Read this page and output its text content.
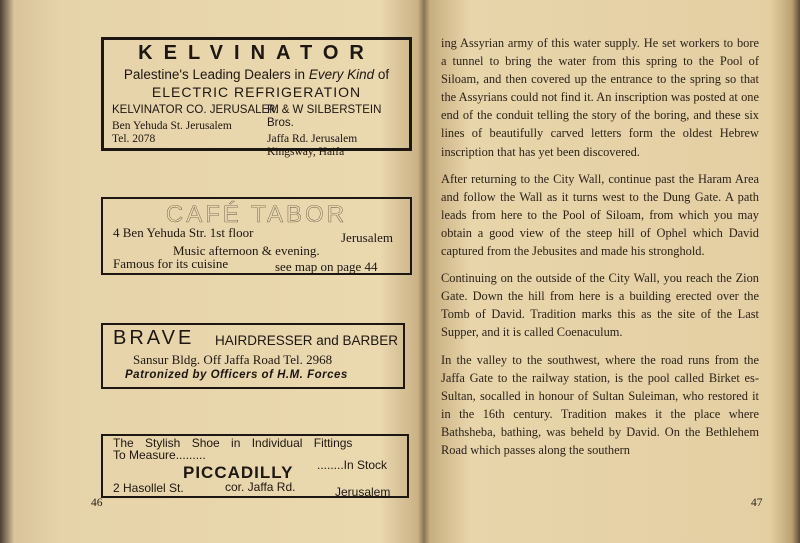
KELVINATOR
Palestine's Leading Dealers in Every Kind of
ELECTRIC REFRIGERATION
KELVINATOR CO. JERUSALEM
Ben Yehuda St. Jerusalem
Tel. 2078
R. & W SILBERSTEIN Bros.
Jaffa Rd. Jerusalem
Kingsway, Haifa
CAFÉ TABOR
4 Ben Yehuda Str. 1st floor	Jerusalem
Music afternoon & evening.
Famous for its cuisine	see map on page 44
BRAVE HAIRDRESSER and BARBER
Sansur Bldg. Off Jaffa Road Tel. 2968
Patronized by Officers of H.M. Forces
The Stylish Shoe in Individual Fittings
To Measure.........
PICCADILLY ........In Stock
2 Hasollel St.	cor. Jaffa Rd.	Jerusalem
46	47

ing Assyrian army of this water supply. He set workers to bore a tunnel to bring the water from this spring to the Pool of Siloam, and then covered up the entrance to the spring so that the Assyrians could not find it. An inscription was posted at one end of the conduit telling the story of the boring, and these six lines of beautifully carved letters form the oldest Hebrew inscription that has yet been discovered.

After returning to the City Wall, continue past the Haram Area and follow the Wall as it turns west to the Dung Gate. A path leads from here to the Pool of Siloam, from which you may obtain a good view of the steep hill of Ophel which David captured from the Jebusites and made his stronghold.

Continuing on the outside of the City Wall, you reach the Zion Gate. Down the hill from here is a building erected over the Tomb of David. Tradition marks this as the site of the Last Supper, and it is called Coenaculum.

In the valley to the southwest, where the road runs from the Jaffa Gate to the railway station, is the pool called Birket es-Sultan, socalled in honour of Sultan Suleiman, who restored it in the 16th century. Tradition makes it the place where Bathsheba, bathing, was beheld by David. On the Bethlehem Road which passes along the southern
